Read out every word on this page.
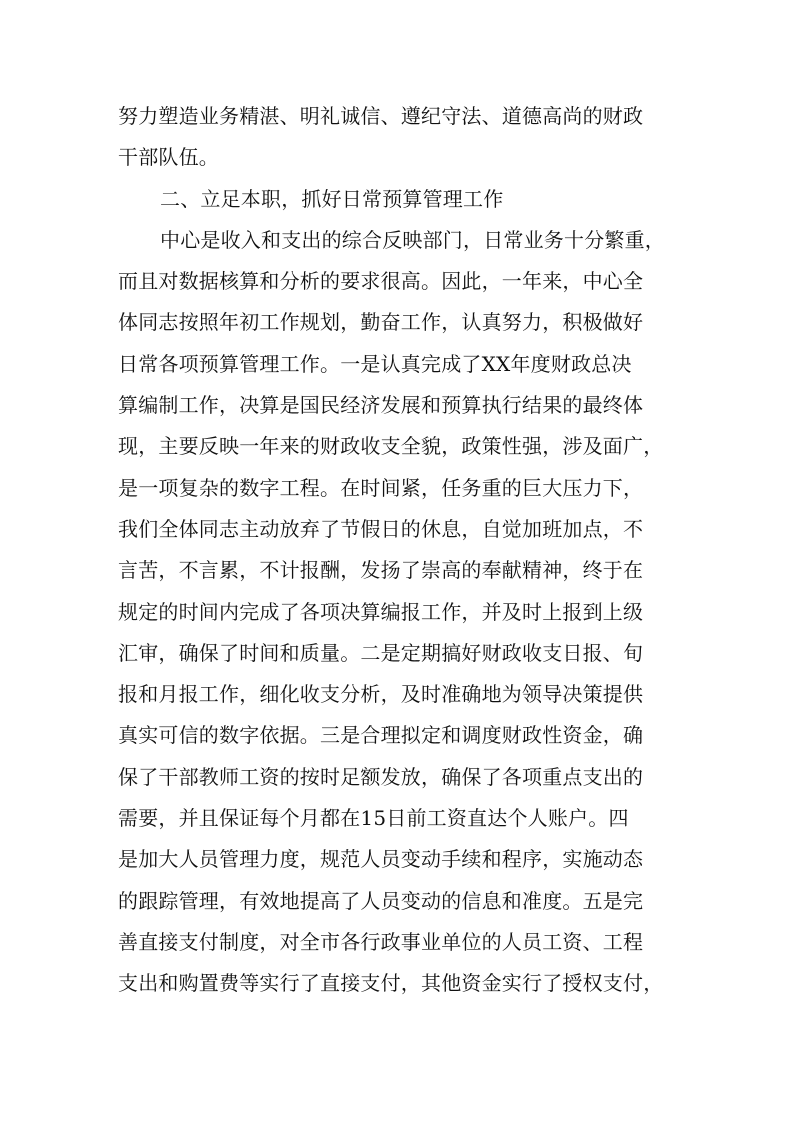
努力塑造业务精湛、明礼诚信、遵纪守法、道德高尚的财政
干部队伍。
二、立足本职，抓好日常预算管理工作
中心是收入和支出的综合反映部门，日常业务十分繁重，
而且对数据核算和分析的要求很高。因此，一年来，中心全
体同志按照年初工作规划，勤奋工作，认真努力，积极做好
日常各项预算管理工作。一是认真完成了XX年度财政总决
算编制工作，决算是国民经济发展和预算执行结果的最终体
现，主要反映一年来的财政收支全貌，政策性强，涉及面广，
是一项复杂的数字工程。在时间紧，任务重的巨大压力下，
我们全体同志主动放弃了节假日的休息，自觉加班加点，不
言苦，不言累，不计报酬，发扬了崇高的奉献精神，终于在
规定的时间内完成了各项决算编报工作，并及时上报到上级
汇审，确保了时间和质量。二是定期搞好财政收支日报、旬
报和月报工作，细化收支分析，及时准确地为领导决策提供
真实可信的数字依据。三是合理拟定和调度财政性资金，确
保了干部教师工资的按时足额发放，确保了各项重点支出的
需要，并且保证每个月都在15日前工资直达个人账户。四
是加大人员管理力度，规范人员变动手续和程序，实施动态
的跟踪管理，有效地提高了人员变动的信息和准度。五是完
善直接支付制度，对全市各行政事业单位的人员工资、工程
支出和购置费等实行了直接支付，其他资金实行了授权支付，
